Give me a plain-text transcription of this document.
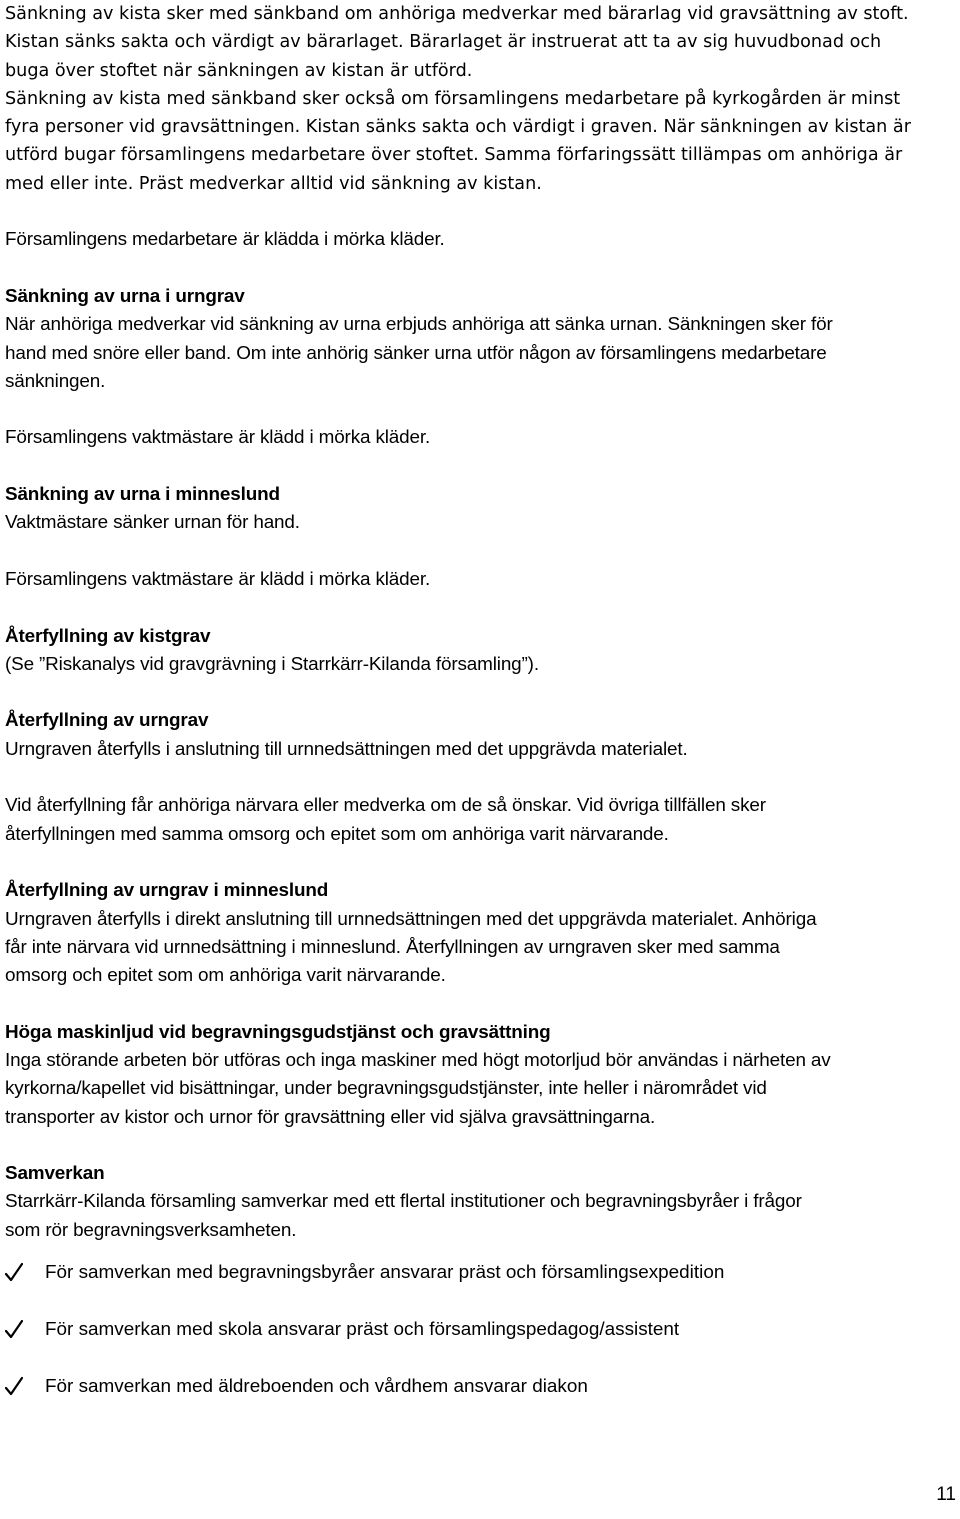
Sänkning av kista sker med sänkband om anhöriga medverkar med bärarlag vid gravsättning av stoft.
Kistan sänks sakta och värdigt av bärarlaget. Bärarlaget är instruerat att ta av sig huvudbonad och
buga över stoftet när sänkningen av kistan är utförd.
Sänkning av kista med sänkband sker också om församlingens medarbetare på kyrkogården är minst
fyra personer vid gravsättningen. Kistan sänks sakta och värdigt i graven. När sänkningen av kistan är
utförd bugar församlingens medarbetare över stoftet. Samma förfaringssätt tillämpas om anhöriga är
med eller inte. Präst medverkar alltid vid sänkning av kistan.
Församlingens medarbetare är klädda i mörka kläder.
Sänkning av urna i urngrav
När anhöriga medverkar vid sänkning av urna erbjuds anhöriga att sänka urnan. Sänkningen sker för
hand med snöre eller band. Om inte anhörig sänker urna utför någon av församlingens medarbetare
sänkningen.
Församlingens vaktmästare är klädd i mörka kläder.
Sänkning av urna i minneslund
Vaktmästare sänker urnan för hand.
Församlingens vaktmästare är klädd i mörka kläder.
Återfyllning av kistgrav
(Se ”Riskanalys vid gravgrävning i Starrkärr-Kilanda församling”).
Återfyllning av urngrav
Urngraven återfylls i anslutning till urnnedsättningen med det uppgrävda materialet.
Vid återfyllning får anhöriga närvara eller medverka om de så önskar. Vid övriga tillfällen sker
återfyllningen med samma omsorg och epitet som om anhöriga varit närvarande.
Återfyllning av urngrav i minneslund
Urngraven återfylls i direkt anslutning till urnnedsättningen med det uppgrävda materialet. Anhöriga
får inte närvara vid urnnedsättning i minneslund. Återfyllningen av urngraven sker med samma
omsorg och epitet som om anhöriga varit närvarande.
Höga maskinljud vid begravningsgudstjänst och gravsättning
Inga störande arbeten bör utföras och inga maskiner med högt motorljud bör användas i närheten av
kyrkorna/kapellet vid bisättningar, under begravningsgudstjänster, inte heller i närområdet vid
transporter av kistor och urnor för gravsättning eller vid själva gravsättningarna.
Samverkan
Starrkärr-Kilanda församling samverkar med ett flertal institutioner och begravningsbyråer i frågor
som rör begravningsverksamheten.
För samverkan med begravningsbyråer ansvarar präst och församlingsexpedition
För samverkan med skola ansvarar präst och församlingspedagog/assistent
För samverkan med äldreboenden och vårdhem ansvarar diakon
11
